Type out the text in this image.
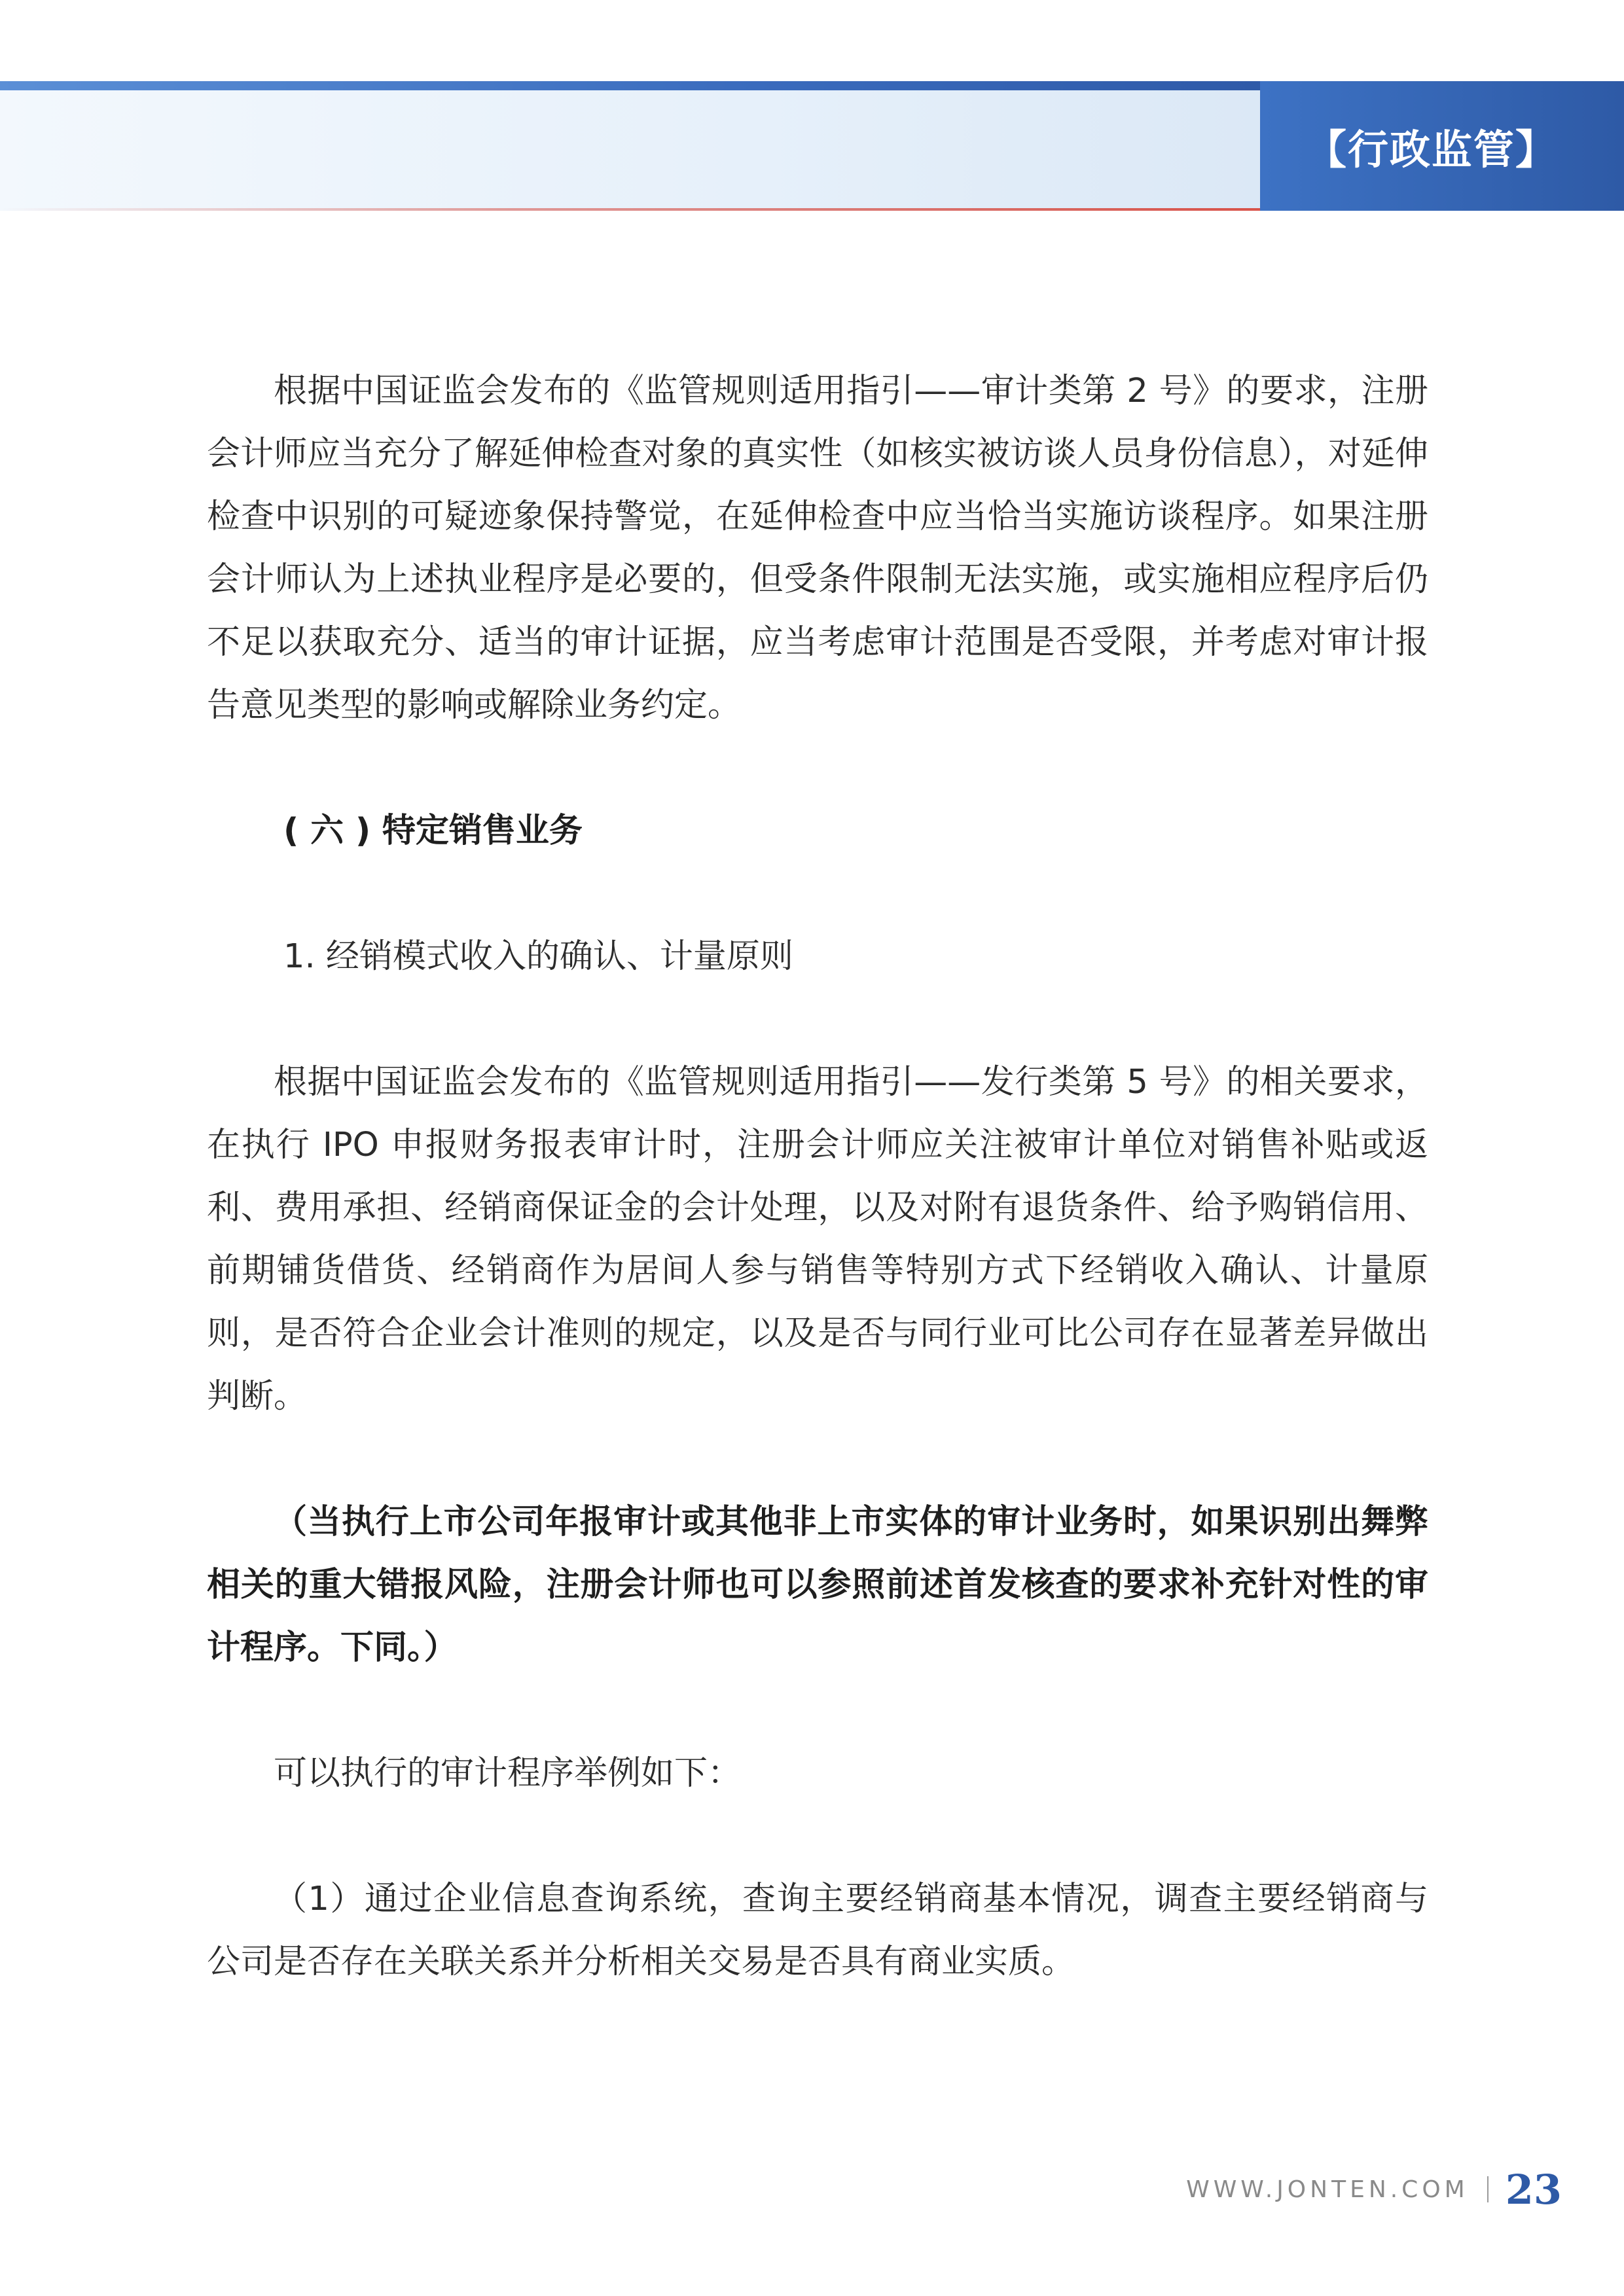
【行政监管】

根据中国证监会发布的《监管规则适用指引——审计类第 2 号》的要求，注册会计师应当充分了解延伸检查对象的真实性（如核实被访谈人员身份信息），对延伸检查中识别的可疑迹象保持警觉，在延伸检查中应当恰当实施访谈程序。如果注册会计师认为上述执业程序是必要的，但受条件限制无法实施，或实施相应程序后仍不足以获取充分、适当的审计证据，应当考虑审计范围是否受限，并考虑对审计报告意见类型的影响或解除业务约定。

( 六 ) 特定销售业务

1. 经销模式收入的确认、计量原则

根据中国证监会发布的《监管规则适用指引——发行类第 5 号》的相关要求，在执行 IPO 申报财务报表审计时，注册会计师应关注被审计单位对销售补贴或返利、费用承担、经销商保证金的会计处理，以及对附有退货条件、给予购销信用、前期铺货借货、经销商作为居间人参与销售等特别方式下经销收入确认、计量原则，是否符合企业会计准则的规定，以及是否与同行业可比公司存在显著差异做出判断。

（当执行上市公司年报审计或其他非上市实体的审计业务时，如果识别出舞弊相关的重大错报风险，注册会计师也可以参照前述首发核查的要求补充针对性的审计程序。下同。）

可以执行的审计程序举例如下：

（1）通过企业信息查询系统，查询主要经销商基本情况，调查主要经销商与公司是否存在关联关系并分析相关交易是否具有商业实质。

WWW.JONTEN.COM 23
